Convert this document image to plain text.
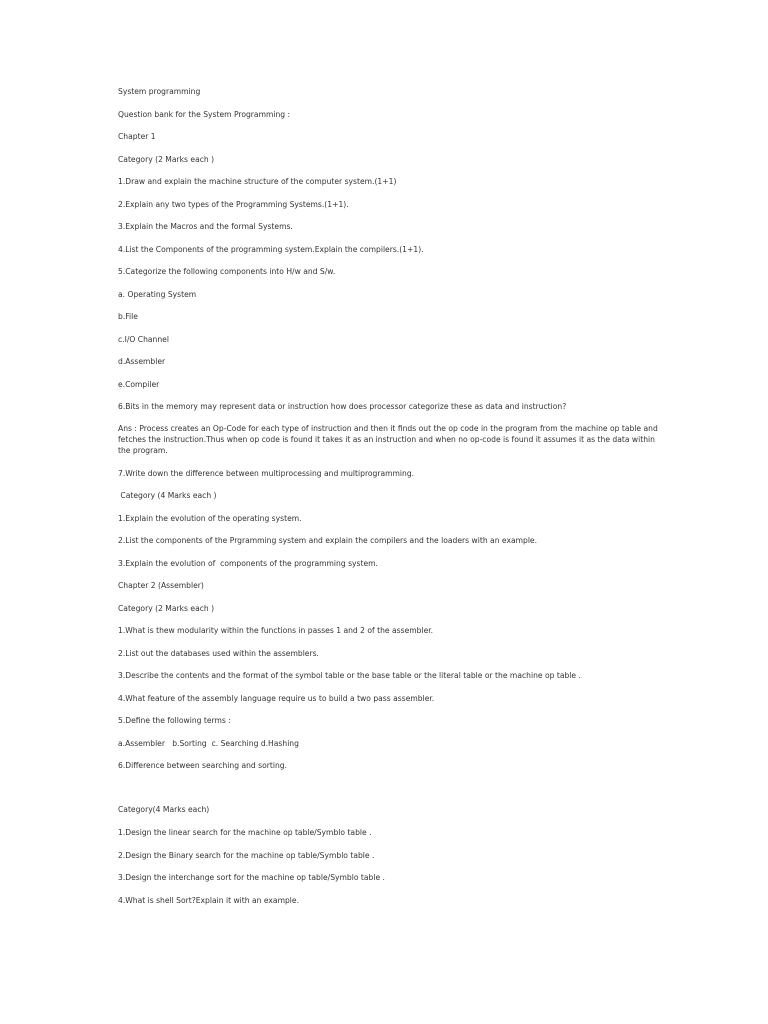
System programming

Question bank for the System Programming :

Chapter 1

Category (2 Marks each )

1.Draw and explain the machine structure of the computer system.(1+1)

2.Explain any two types of the Programming Systems.(1+1).

3.Explain the Macros and the formal Systems.

4.List the Components of the programming system.Explain the compilers.(1+1).

5.Categorize the following components into H/w and S/w.

a. Operating System

b.File

c.I/O Channel

d.Assembler

e.Compiler

6.Bits in the memory may represent data or instruction how does processor categorize these as data and instruction?

Ans : Process creates an Op-Code for each type of instruction and then it finds out the op code in the program from the machine op table and fetches the instruction.Thus when op code is found it takes it as an instruction and when no op-code is found it assumes it as the data within the program.

7.Write down the difference between multiprocessing and multiprogramming.

Category (4 Marks each )

1.Explain the evolution of the operating system.

2.List the components of the Prgramming system and explain the compilers and the loaders with an example.

3.Explain the evolution of  components of the programming system.

Chapter 2 (Assembler)

Category (2 Marks each )

1.What is thew modularity within the functions in passes 1 and 2 of the assembler.

2.List out the databases used within the assemblers.

3.Describe the contents and the format of the symbol table or the base table or the literal table or the machine op table .

4.What feature of the assembly language require us to build a two pass assembler.

5.Define the following terms :

a.Assembler   b.Sorting  c. Searching d.Hashing

6.Difference between searching and sorting.

Category(4 Marks each)

1.Design the linear search for the machine op table/Symblo table .

2.Design the Binary search for the machine op table/Symblo table .

3.Design the interchange sort for the machine op table/Symblo table .

4.What is shell Sort?Explain it with an example.
